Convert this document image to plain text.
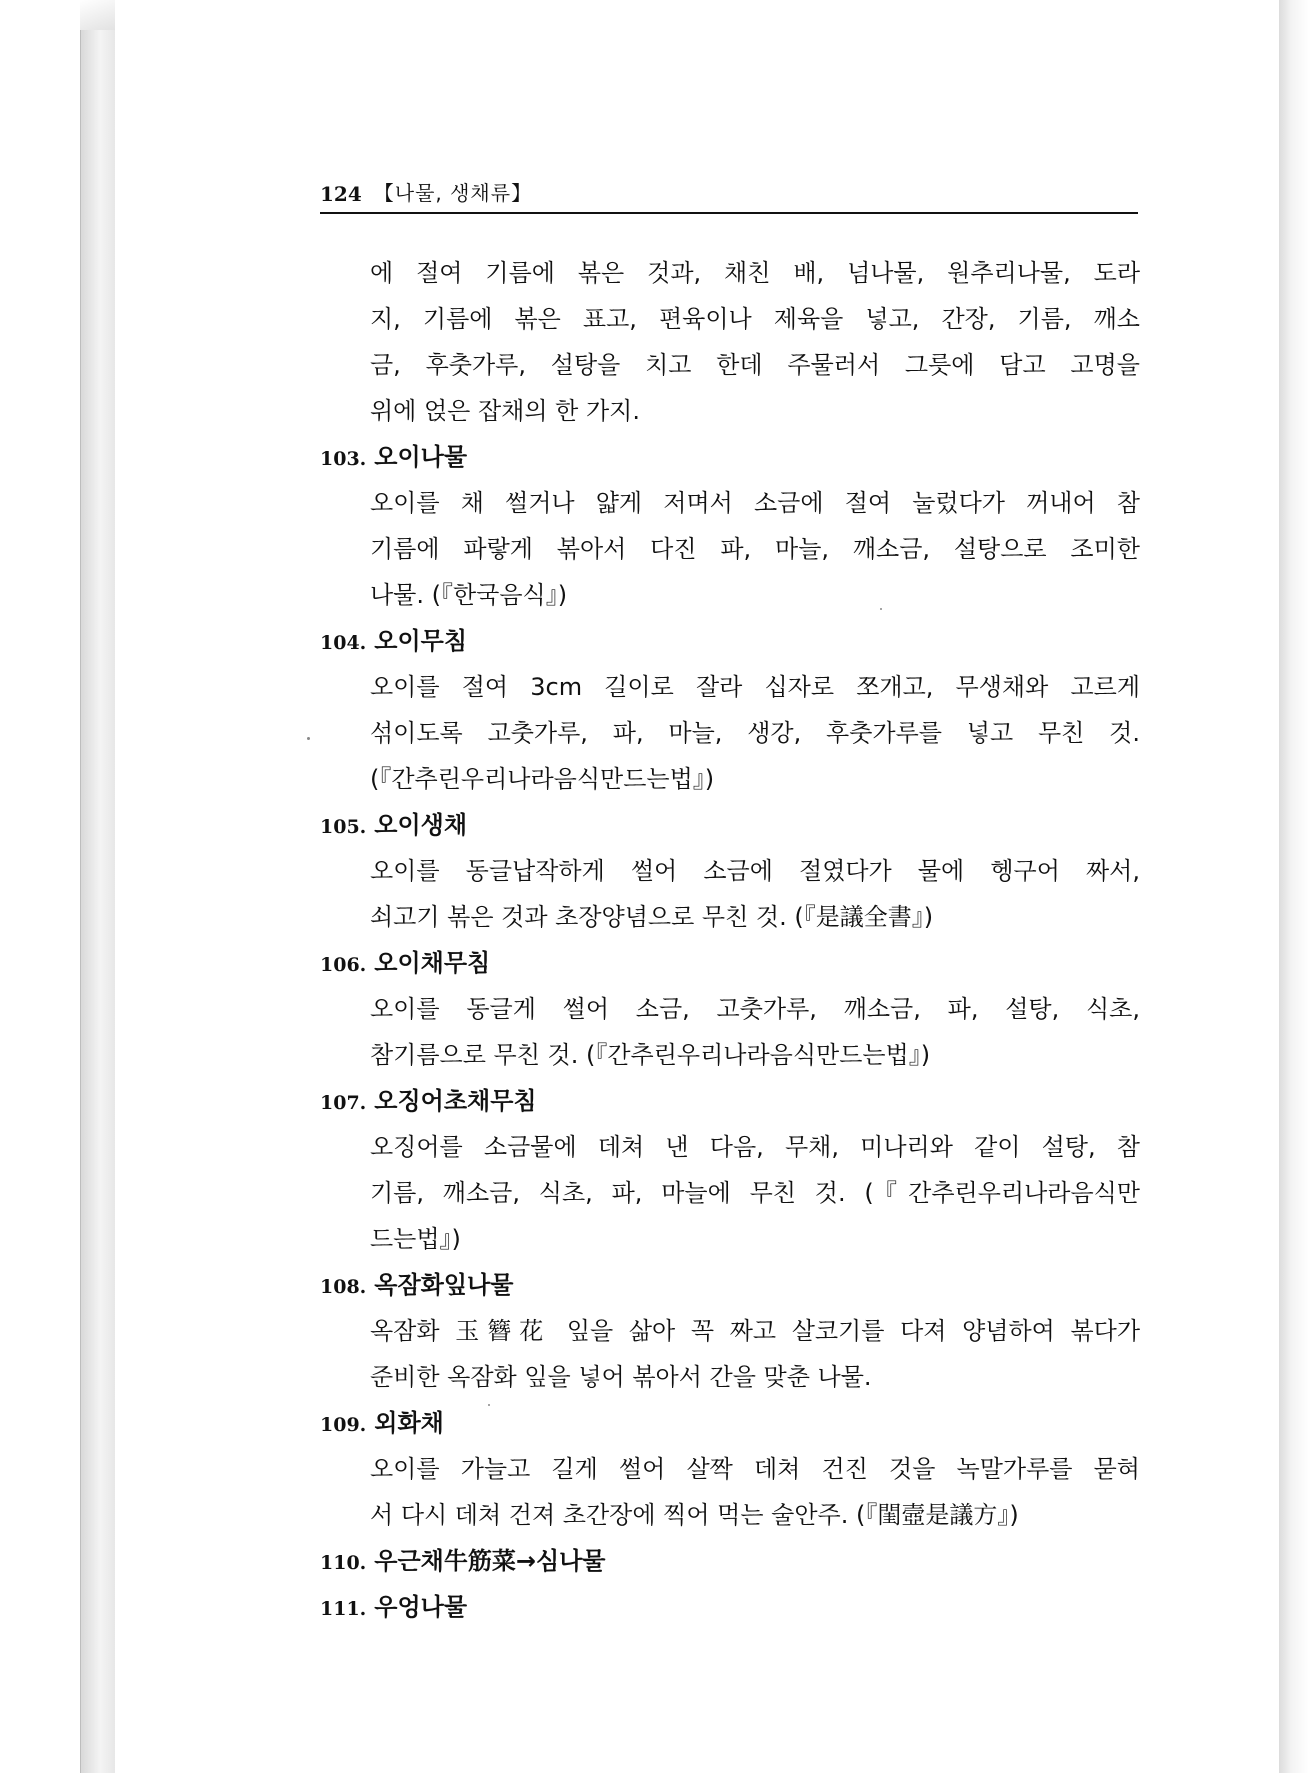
124 【나물, 생채류】
에 절여 기름에 볶은 것과, 채친 배, 넘나물, 원추리나물, 도라
지, 기름에 볶은 표고, 편육이나 제육을 넣고, 간장, 기름, 깨소
금, 후춧가루, 설탕을 치고 한데 주물러서 그릇에 담고 고명을
위에 얹은 잡채의 한 가지.
103. 오이나물
오이를 채 썰거나 얇게 저며서 소금에 절여 눌렀다가 꺼내어 참
기름에 파랗게 볶아서 다진 파, 마늘, 깨소금, 설탕으로 조미한
나물. (『한국음식』)
104. 오이무침
오이를 절여 3cm 길이로 잘라 십자로 쪼개고, 무생채와 고르게
섞이도록 고춧가루, 파, 마늘, 생강, 후춧가루를 넣고 무친 것.
(『간추린우리나라음식만드는법』)
105. 오이생채
오이를 동글납작하게 썰어 소금에 절였다가 물에 헹구어 짜서,
쇠고기 볶은 것과 초장양념으로 무친 것. (『是議全書』)
106. 오이채무침
오이를 동글게 썰어 소금, 고춧가루, 깨소금, 파, 설탕, 식초,
참기름으로 무친 것. (『간추린우리나라음식만드는법』)
107. 오징어초채무침
오징어를 소금물에 데쳐 낸 다음, 무채, 미나리와 같이 설탕, 참
기름, 깨소금, 식초, 파, 마늘에 무친 것. (『간추린우리나라음식만
드는법』)
108. 옥잠화잎나물
옥잠화 玉簪花 잎을 삶아 꼭 짜고 살코기를 다져 양념하여 볶다가
준비한 옥잠화 잎을 넣어 볶아서 간을 맞춘 나물.
109. 외화채
오이를 가늘고 길게 썰어 살짝 데쳐 건진 것을 녹말가루를 묻혀
서 다시 데쳐 건져 초간장에 찍어 먹는 술안주. (『閨壼是議方』)
110. 우근채牛筋菜→심나물
111. 우엉나물
